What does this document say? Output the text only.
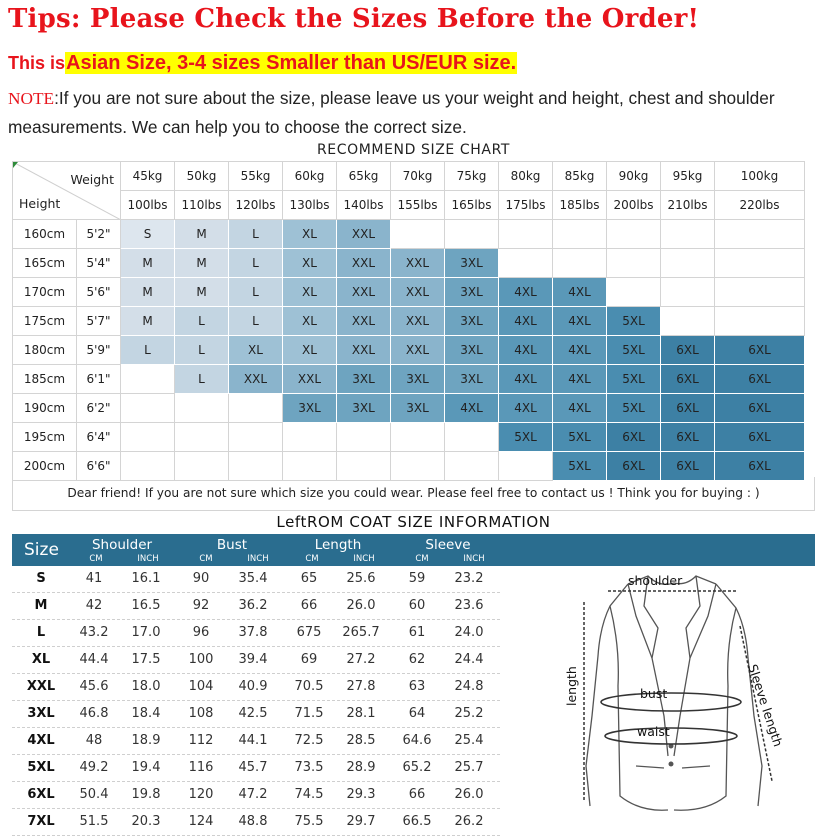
Tips: Please Check the Sizes Before the Order!
This isAsian Size, 3-4 sizes Smaller than US/EUR size.
NOTE:If you are not sure about the size, please leave us your weight and height, chest and shoulder measurements. We can help you to choose the correct size.
RECOMMEND SIZE CHART
Weight
Height		45kg	50kg	55kg	60kg	65kg	70kg	75kg	80kg	85kg	90kg	95kg	100kg
		100lbs	110lbs	120lbs	130lbs	140lbs	155lbs	165lbs	175lbs	185lbs	200lbs	210lbs	220lbs
160cm	5'2"	S	M	L	XL	XXL							
165cm	5'4"	M	M	L	XL	XXL	XXL	3XL					
170cm	5'6"	M	M	L	XL	XXL	XXL	3XL	4XL	4XL			
175cm	5'7"	M	L	L	XL	XXL	XXL	3XL	4XL	4XL	5XL		
180cm	5'9"	L	L	XL	XL	XXL	XXL	3XL	4XL	4XL	5XL	6XL	6XL
185cm	6'1"		L	XXL	XXL	3XL	3XL	3XL	4XL	4XL	5XL	6XL	6XL
190cm	6'2"				3XL	3XL	3XL	4XL	4XL	4XL	5XL	6XL	6XL
195cm	6'4"								5XL	5XL	6XL	6XL	6XL
200cm	6'6"									5XL	6XL	6XL	6XL
Dear friend! If you are not sure which size you could wear. Please feel free to contact us ! Think you for buying : )
LeftROM COAT SIZE INFORMATION
Size	Shoulder
CM	INCH
Bust
CM	INCH
Length
CM	INCH
Sleeve
CM	INCH
S	41	16.1	90	35.4	65	25.6	59	23.2
M	42	16.5	92	36.2	66	26.0	60	23.6
L	43.2	17.0	96	37.8	675	265.7	61	24.0
XL	44.4	17.5	100	39.4	69	27.2	62	24.4
XXL	45.6	18.0	104	40.9	70.5	27.8	63	24.8
3XL	46.8	18.4	108	42.5	71.5	28.1	64	25.2
4XL	48	18.9	112	44.1	72.5	28.5	64.6	25.4
5XL	49.2	19.4	116	45.7	73.5	28.9	65.2	25.7
6XL	50.4	19.8	120	47.2	74.5	29.3	66	26.0
7XL	51.5	20.3	124	48.8	75.5	29.7	66.5	26.2
shoulder
length	bust
waist	Sleeve length
